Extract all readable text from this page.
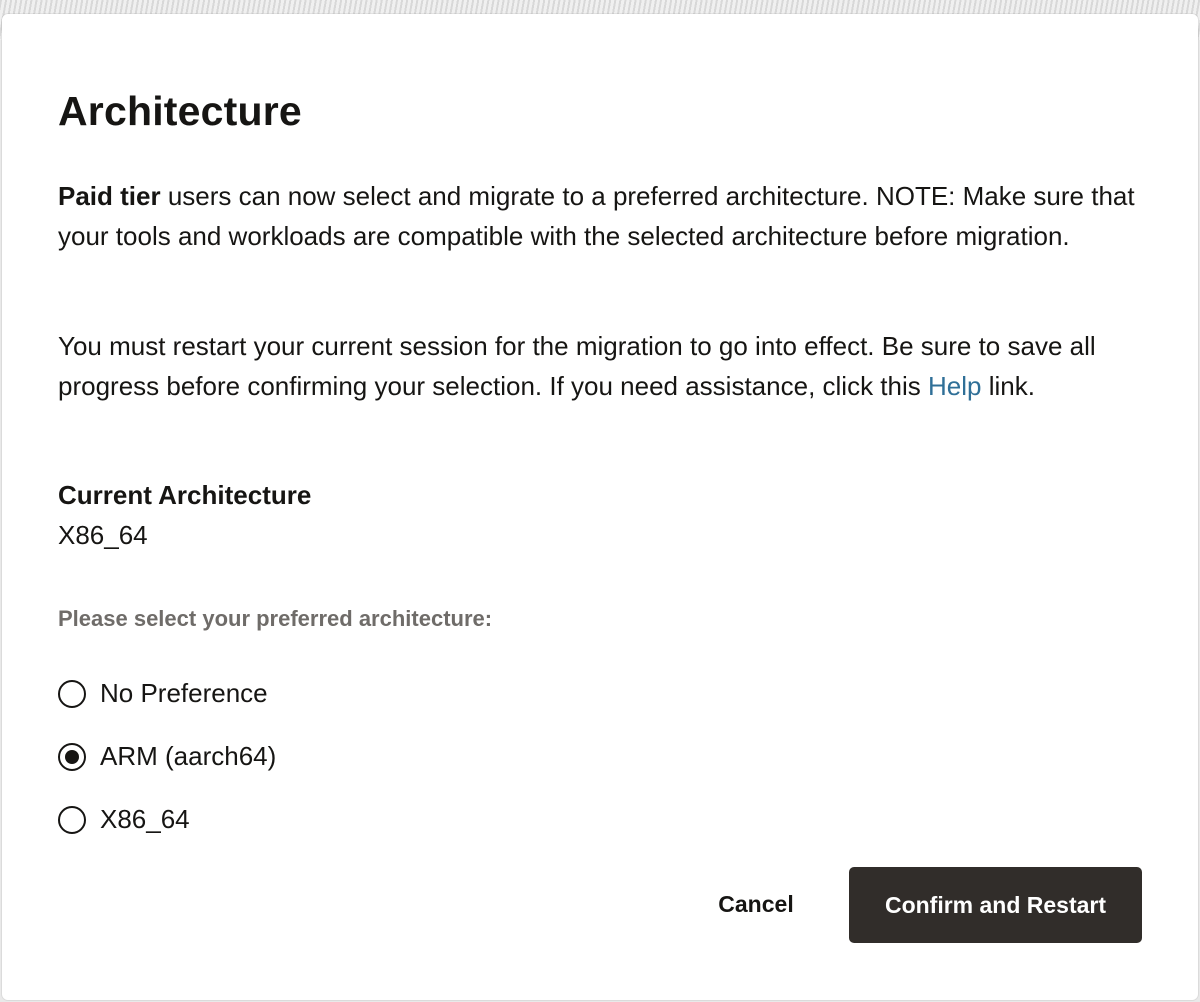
Architecture

Paid tier users can now select and migrate to a preferred architecture. NOTE: Make sure that your tools and workloads are compatible with the selected architecture before migration.

You must restart your current session for the migration to go into effect. Be sure to save all progress before confirming your selection. If you need assistance, click this Help link.

Current Architecture
X86_64
Please select your preferred architecture:
No Preference
ARM (aarch64)
X86_64
Cancel	Confirm and Restart
